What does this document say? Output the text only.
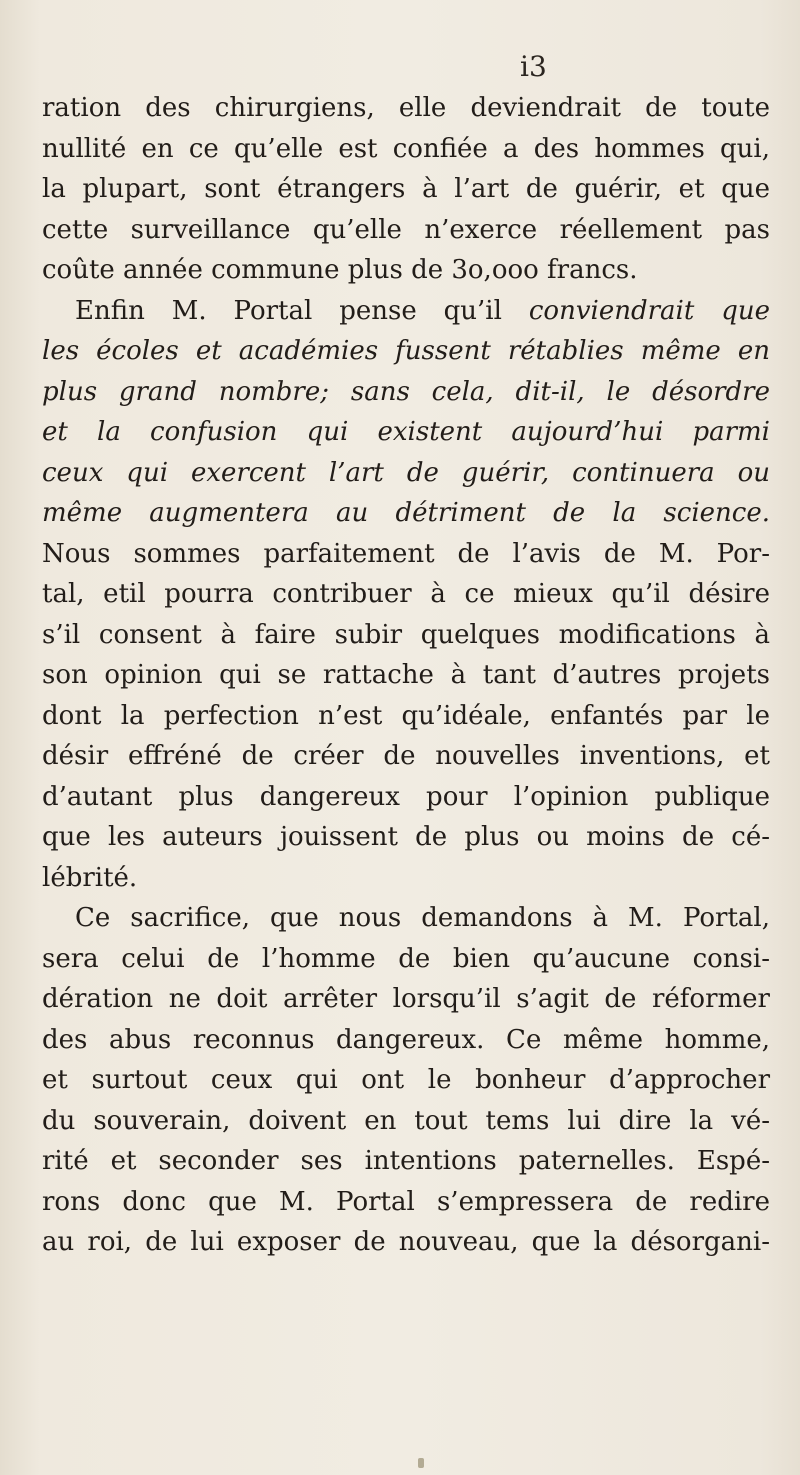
i3
ration des chirurgiens, elle deviendrait de toute
nullité en ce qu’elle est confiée a des hommes qui,
la plupart, sont étrangers à l’art de guérir, et que
cette surveillance qu’elle n’exerce réellement pas
coûte année commune plus de 3o,ooo francs.
Enfin M. Portal pense qu’il conviendrait que
les écoles et académies fussent rétablies même en
plus grand nombre; sans cela, dit-il, le désordre
et la confusion qui existent aujourd’hui parmi
ceux qui exercent l’art de guérir, continuera ou
même augmentera au détriment de la science.
Nous sommes parfaitement de l’avis de M. Por-
tal, etil pourra contribuer à ce mieux qu’il désire
s’il consent à faire subir quelques modifications à
son opinion qui se rattache à tant d’autres projets
dont la perfection n’est qu’idéale, enfantés par le
désir effréné de créer de nouvelles inventions, et
d’autant plus dangereux pour l’opinion publique
que les auteurs jouissent de plus ou moins de cé-
lébrité.
Ce sacrifice, que nous demandons à M. Portal,
sera celui de l’homme de bien qu’aucune consi-
dération ne doit arrêter lorsqu’il s’agit de réformer
des abus reconnus dangereux. Ce même homme,
et surtout ceux qui ont le bonheur d’approcher
du souverain, doivent en tout tems lui dire la vé-
rité et seconder ses intentions paternelles. Espé-
rons donc que M. Portal s’empressera de redire
au roi, de lui exposer de nouveau, que la désorgani-
